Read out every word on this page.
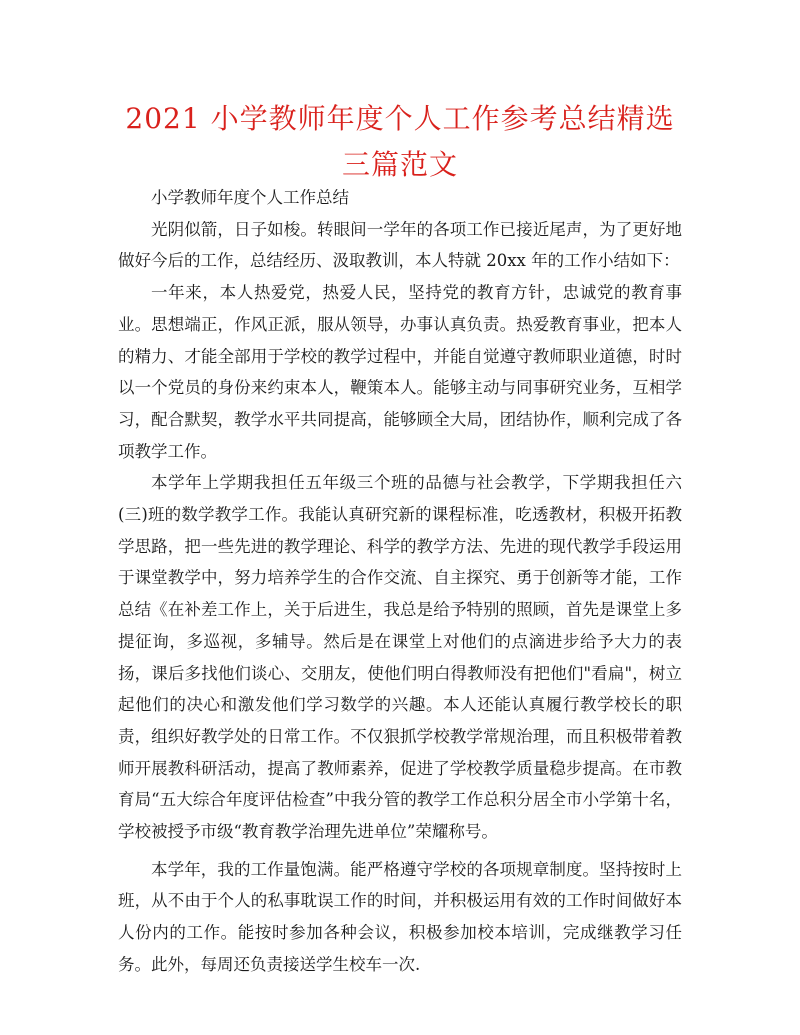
2021 小学教师年度个人工作参考总结精选三篇范文

小学教师年度个人工作总结

光阴似箭，日子如梭。转眼间一学年的各项工作已接近尾声，为了更好地做好今后的工作，总结经历、汲取教训，本人特就 20xx 年的工作小结如下：

一年来，本人热爱党，热爱人民，坚持党的教育方针，忠诚党的教育事业。思想端正，作风正派，服从领导，办事认真负责。热爱教育事业，把本人的精力、才能全部用于学校的教学过程中，并能自觉遵守教师职业道德，时时以一个党员的身份来约束本人，鞭策本人。能够主动与同事研究业务，互相学习，配合默契，教学水平共同提高，能够顾全大局，团结协作，顺利完成了各项教学工作。

本学年上学期我担任五年级三个班的品德与社会教学，下学期我担任六(三)班的数学教学工作。我能认真研究新的课程标准，吃透教材，积极开拓教学思路，把一些先进的教学理论、科学的教学方法、先进的现代教学手段运用于课堂教学中，努力培养学生的合作交流、自主探究、勇于创新等才能，工作总结《在补差工作上，关于后进生，我总是给予特别的照顾，首先是课堂上多提征询，多巡视，多辅导。然后是在课堂上对他们的点滴进步给予大力的表扬，课后多找他们谈心、交朋友，使他们明白得教师没有把他们"看扁"，树立起他们的决心和激发他们学习数学的兴趣。本人还能认真履行教学校长的职责，组织好教学处的日常工作。不仅狠抓学校教学常规治理，而且积极带着教师开展教科研活动，提高了教师素养，促进了学校教学质量稳步提高。在市教育局“五大综合年度评估检查”中我分管的教学工作总积分居全市小学第十名，学校被授予市级“教育教学治理先进单位”荣耀称号。

本学年，我的工作量饱满。能严格遵守学校的各项规章制度。坚持按时上班，从不由于个人的私事耽误工作的时间，并积极运用有效的工作时间做好本人份内的工作。能按时参加各种会议，积极参加校本培训，完成继教学习任务。此外，每周还负责接送学生校车一次.
